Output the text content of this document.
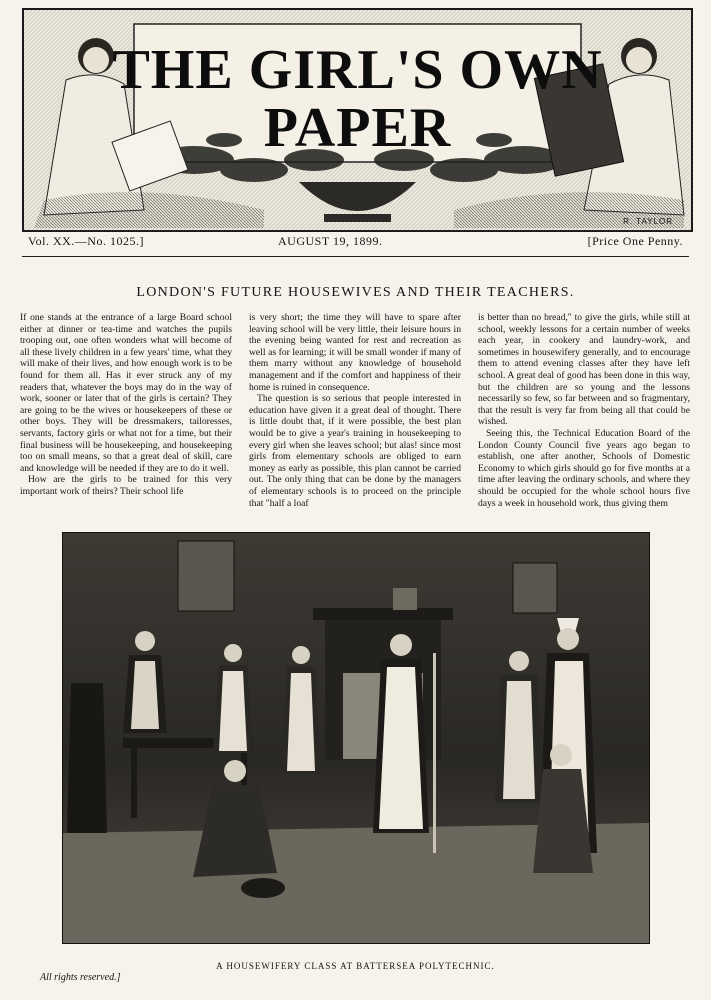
THE GIRL'S OWN
PAPER
R. TAYLOR
Vol. XX.—No. 1025.]	AUGUST 19, 1899.	[Price One Penny.
LONDON'S FUTURE HOUSEWIVES AND THEIR TEACHERS.

If one stands at the entrance of a large Board school either at dinner or tea-time and watches the pupils trooping out, one often wonders what will become of all these lively children in a few years' time, what they will make of their lives, and how enough work is to be found for them all. Has it ever struck any of my readers that, whatever the boys may do in the way of work, sooner or later that of the girls is certain? They are going to be the wives or housekeepers of these or other boys. They will be dressmakers, tailoresses, servants, factory girls or what not for a time, but their final business will be housekeeping, and housekeeping too on small means, so that a great deal of skill, care and knowledge will be needed if they are to do it well.

How are the girls to be trained for this very important work of theirs? Their school life

is very short; the time they will have to spare after leaving school will be very little, their leisure hours in the evening being wanted for rest and recreation as well as for learning; it will be small wonder if many of them marry without any knowledge of household management and if the comfort and happiness of their home is ruined in consequence.

The question is so serious that people interested in education have given it a great deal of thought. There is little doubt that, if it were possible, the best plan would be to give a year's training in housekeeping to every girl when she leaves school; but alas! since most girls from elementary schools are obliged to earn money as early as possible, this plan cannot be carried out. The only thing that can be done by the managers of elementary schools is to proceed on the principle that "half a loaf

is better than no bread," to give the girls, while still at school, weekly lessons for a certain number of weeks each year, in cookery and laundry-work, and sometimes in housewifery generally, and to encourage them to attend evening classes after they have left school. A great deal of good has been done in this way, but the children are so young and the lessons necessarily so few, so far between and so fragmentary, that the result is very far from being all that could be wished.

Seeing this, the Technical Education Board of the London County Council five years ago began to establish, one after another, Schools of Domestic Economy to which girls should go for five months at a time after leaving the ordinary schools, and where they should be occupied for the whole school hours five days a week in household work, thus giving them

A HOUSEWIFERY CLASS AT BATTERSEA POLYTECHNIC.
All rights reserved.]
